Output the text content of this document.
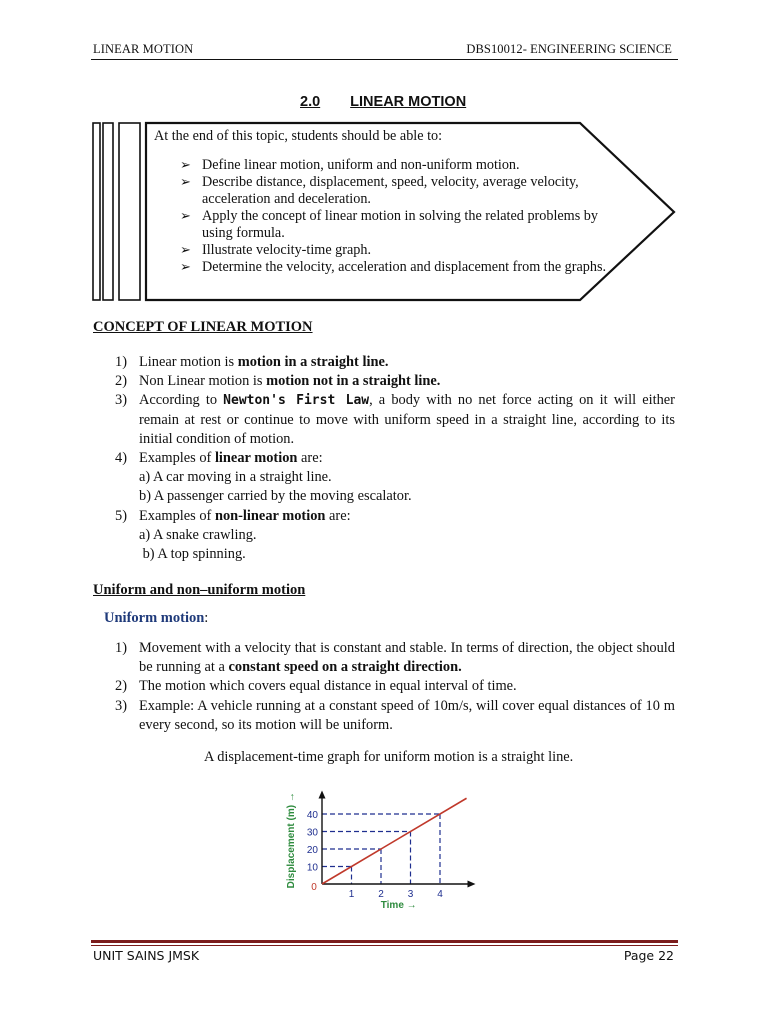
LINEAR MOTION	DBS10012- ENGINEERING SCIENCE
2.0 LINEAR MOTION
At the end of this topic, students should be able to:
➢ Define linear motion, uniform and non-uniform motion.
➢ Describe distance, displacement, speed, velocity, average velocity, acceleration and deceleration.
➢ Apply the concept of linear motion in solving the related problems by using formula.
➢ Illustrate velocity-time graph.
➢ Determine the velocity, acceleration and displacement from the graphs.
CONCEPT OF LINEAR MOTION
1) Linear motion is motion in a straight line.
2) Non Linear motion is motion not in a straight line.
3) According to Newton's First Law, a body with no net force acting on it will either remain at rest or continue to move with uniform speed in a straight line, according to its initial condition of motion.
4) Examples of linear motion are:
a) A car moving in a straight line.
b) A passenger carried by the moving escalator.
5) Examples of non-linear motion are:
a) A snake crawling.
b) A top spinning.
Uniform and non–uniform motion
Uniform motion:
1) Movement with a velocity that is constant and stable. In terms of direction, the object should be running at a constant speed on a straight direction.
2) The motion which covers equal distance in equal interval of time.
3) Example: A vehicle running at a constant speed of 10m/s, will cover equal distances of 10 m every second, so its motion will be uniform.
A displacement-time graph for uniform motion is a straight line.
1 2 3 4
10
20
30
40
0
Time →
Displacement (m) →
UNIT SAINS JMSK	Page 22
